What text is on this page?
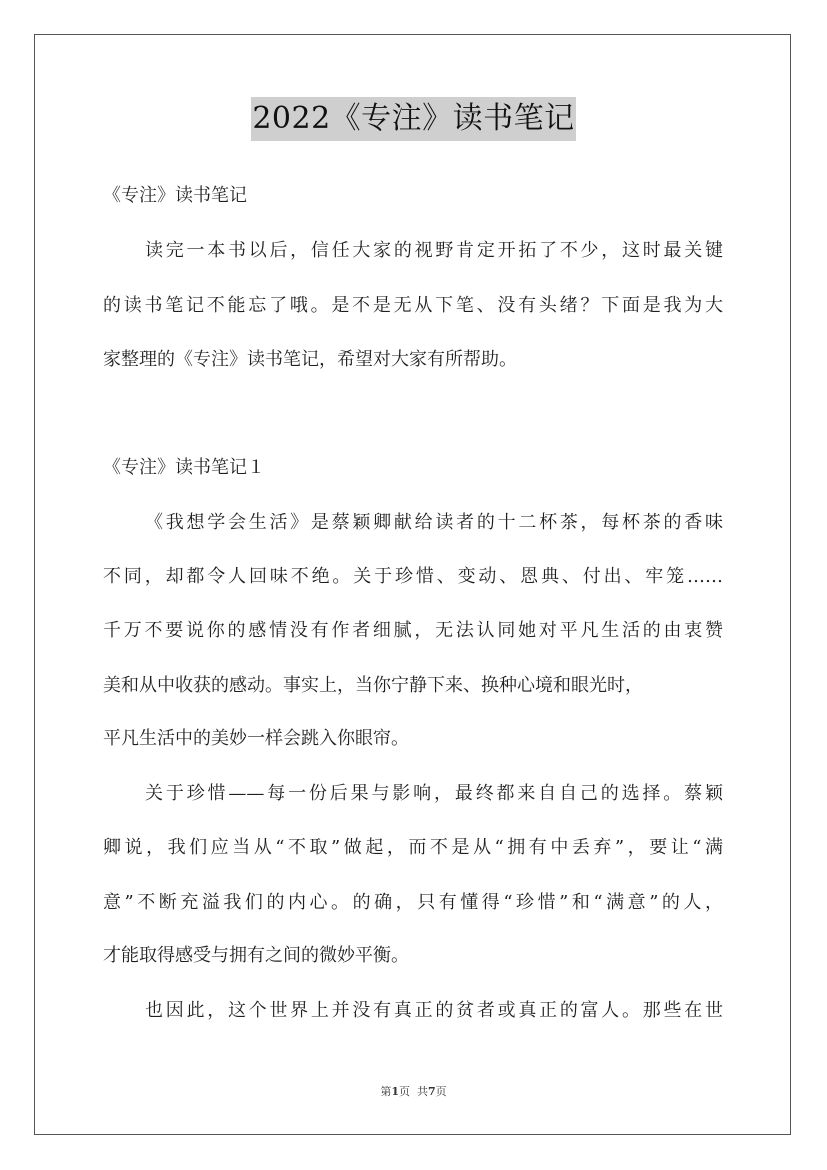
2022《专注》读书笔记
《专注》读书笔记
读完一本书以后，信任大家的视野肯定开拓了不少，这时最关键
的读书笔记不能忘了哦。是不是无从下笔、没有头绪？下面是我为大
家整理的《专注》读书笔记，希望对大家有所帮助。
《专注》读书笔记１
《我想学会生活》是蔡颖卿献给读者的十二杯茶，每杯茶的香味
不同，却都令人回味不绝。关于珍惜、变动、恩典、付出、牢笼……
千万不要说你的感情没有作者细腻，无法认同她对平凡生活的由衷赞
美和从中收获的感动。事实上，当你宁静下来、换种心境和眼光时，
平凡生活中的美妙一样会跳入你眼帘。
关于珍惜——每一份后果与影响，最终都来自自己的选择。蔡颖
卿说，我们应当从“不取”做起，而不是从“拥有中丢弃”，要让“满
意”不断充溢我们的内心。的确，只有懂得“珍惜”和“满意”的人，
才能取得感受与拥有之间的微妙平衡。
也因此，这个世界上并没有真正的贫者或真正的富人。那些在世
第1页  共7页
